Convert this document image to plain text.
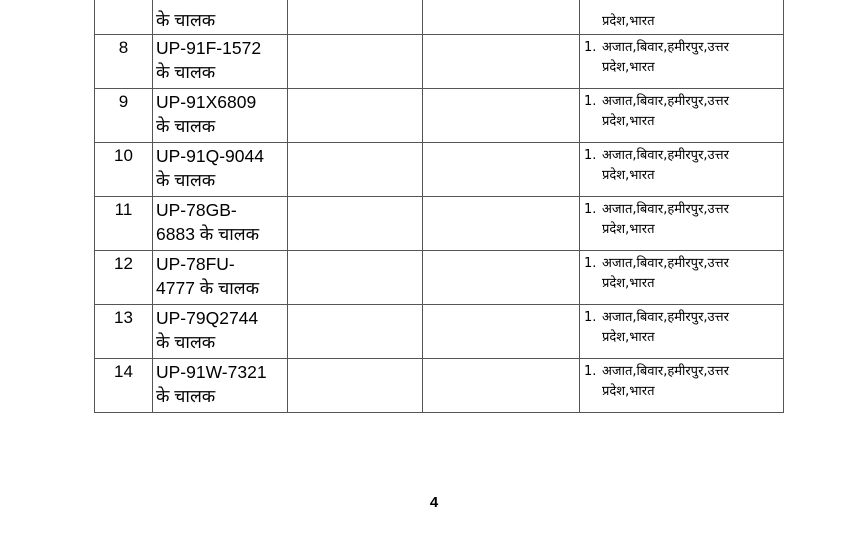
	के चालक			प्रदेश,भारत

8	UP-91F-1572
के चालक			1. अजात,बिवार,हमीरपुर,उत्तर
प्रदेश,भारत

9	UP-91X6809
के चालक			1. अजात,बिवार,हमीरपुर,उत्तर
प्रदेश,भारत

10	UP-91Q-9044
के चालक			1. अजात,बिवार,हमीरपुर,उत्तर
प्रदेश,भारत

11	UP-78GB-
6883 के चालक			1. अजात,बिवार,हमीरपुर,उत्तर
प्रदेश,भारत

12	UP-78FU-
4777 के चालक			1. अजात,बिवार,हमीरपुर,उत्तर
प्रदेश,भारत

13	UP-79Q2744
के चालक			1. अजात,बिवार,हमीरपुर,उत्तर
प्रदेश,भारत

14	UP-91W-7321
के चालक			1. अजात,बिवार,हमीरपुर,उत्तर
प्रदेश,भारत
4
